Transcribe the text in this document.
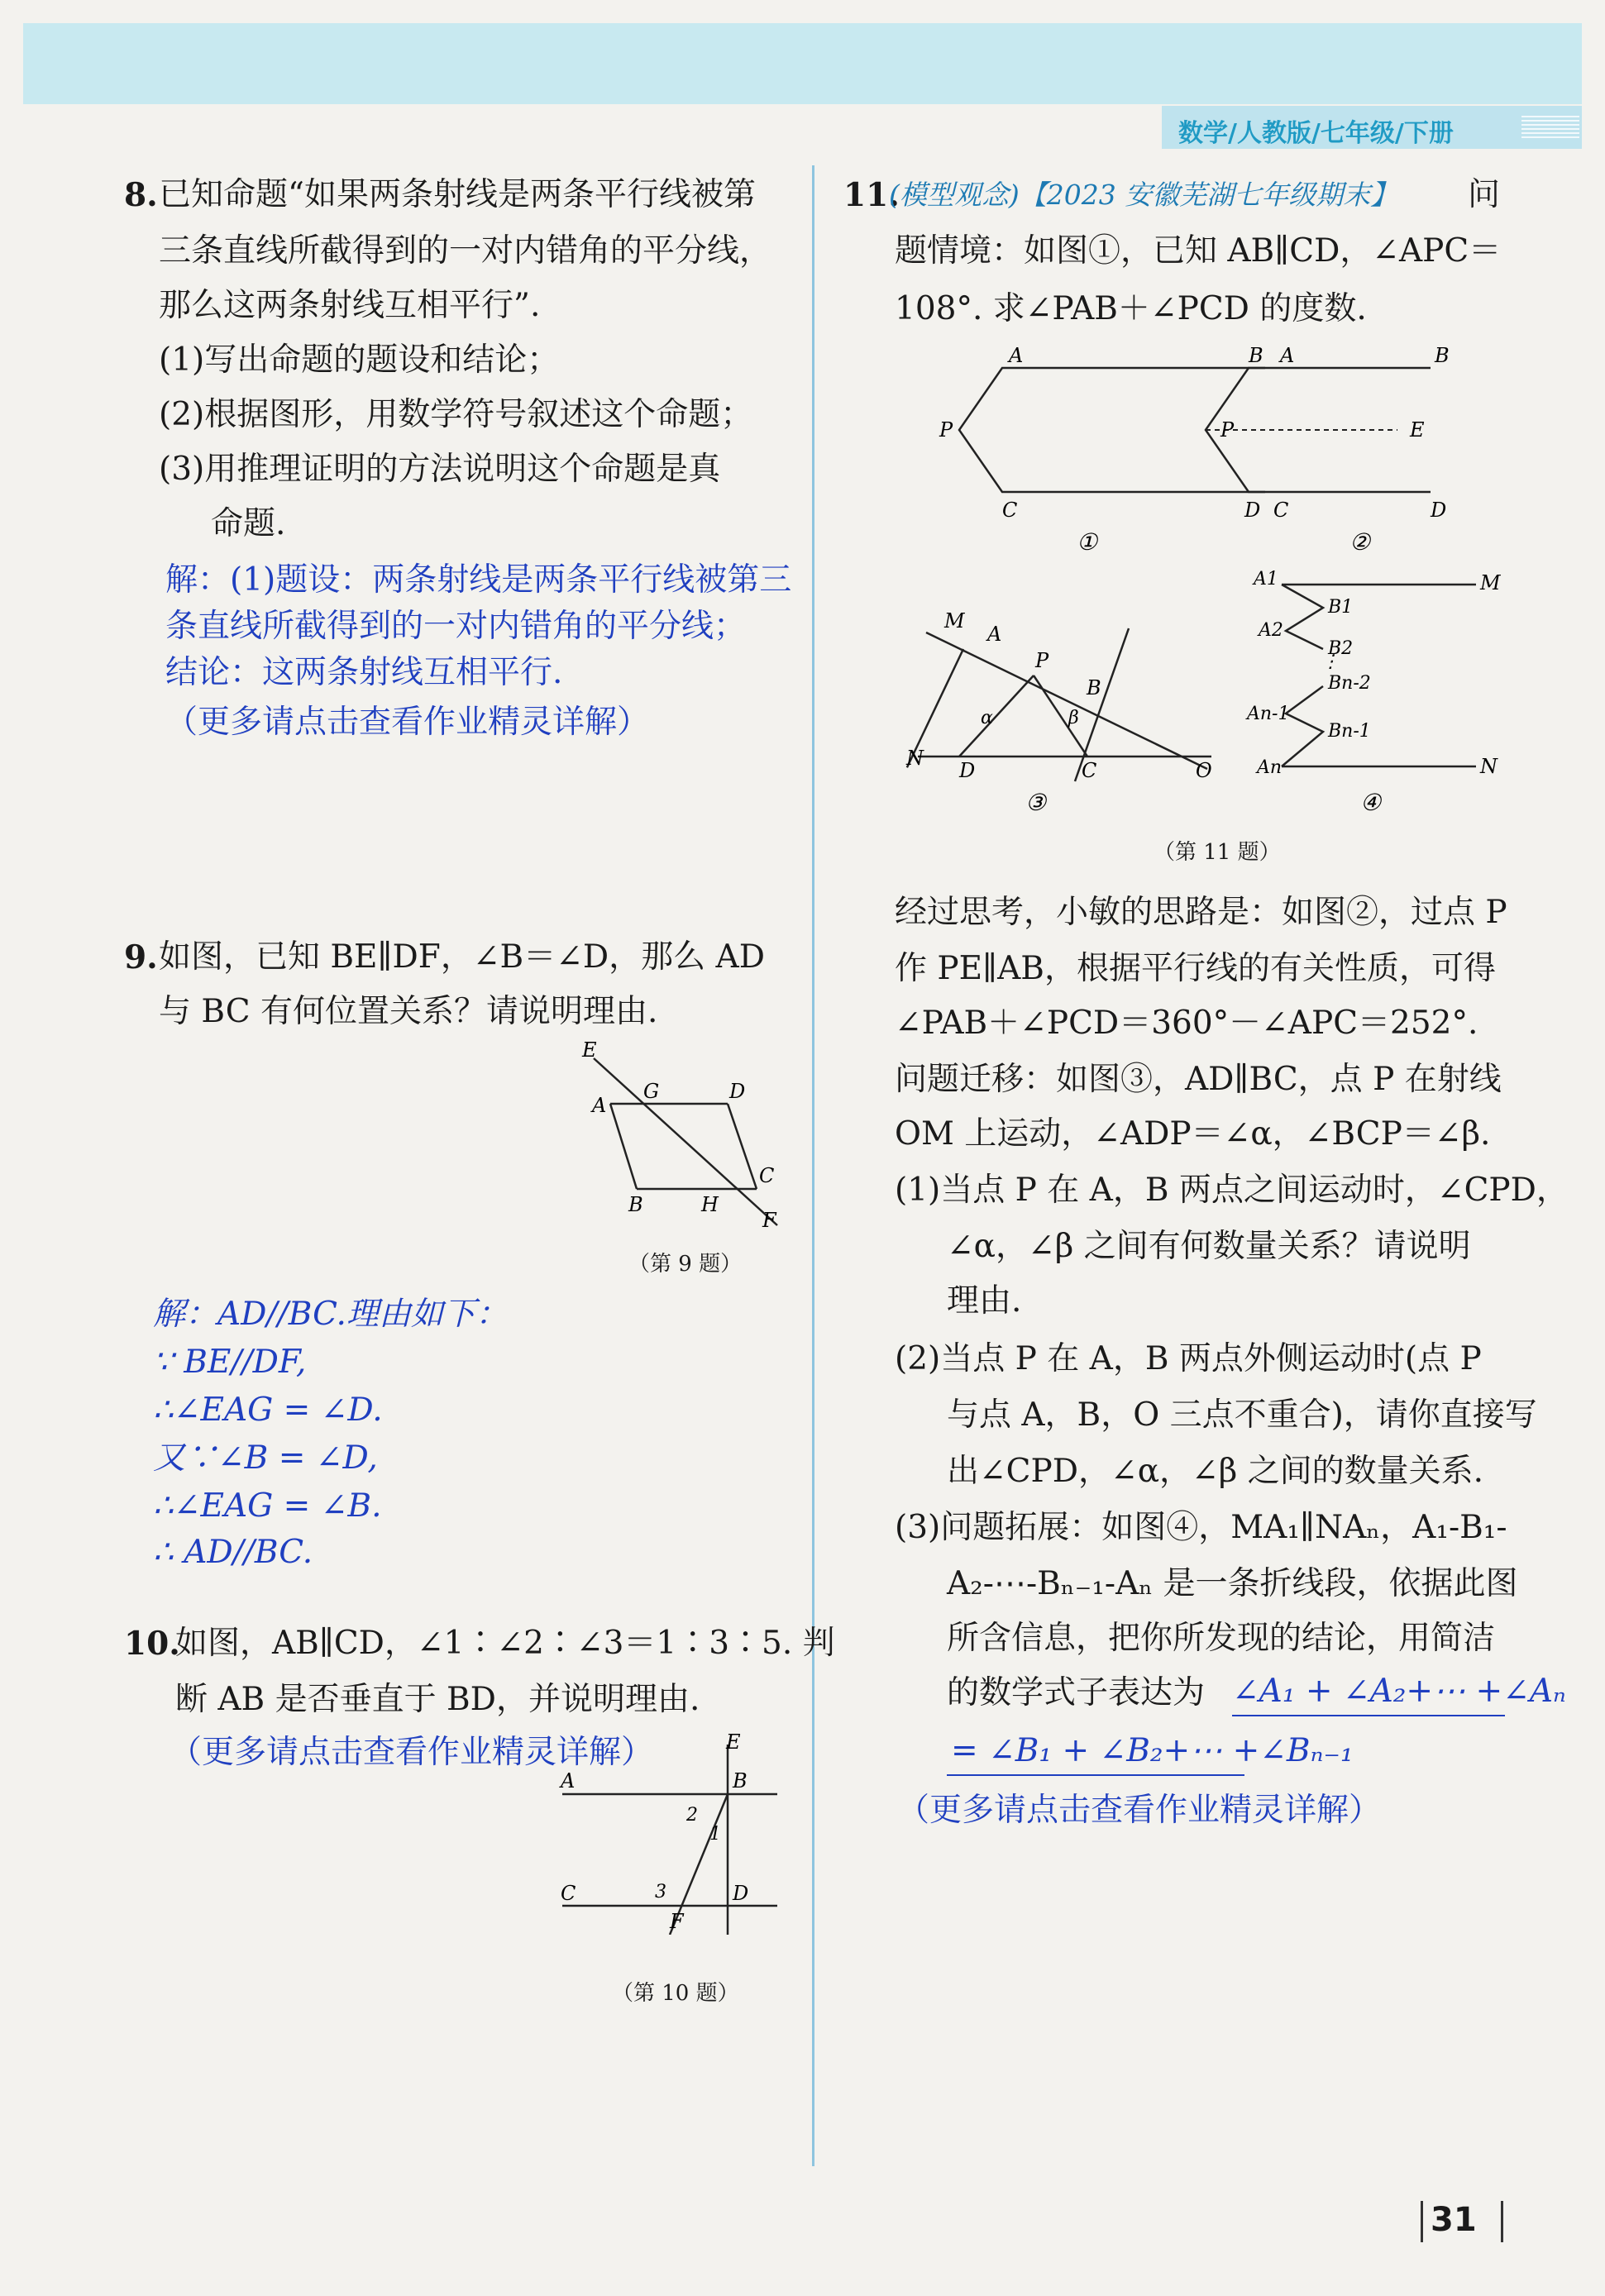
数学/人教版/七年级/下册
8. 已知命题“如果两条射线是两条平行线被第
三条直线所截得到的一对内错角的平分线，
那么这两条射线互相平行”.
(1)写出命题的题设和结论；
(2)根据图形，用数学符号叙述这个命题；
(3)用推理证明的方法说明这个命题是真
命题.
解：(1)题设：两条射线是两条平行线被第三
条直线所截得到的一对内错角的平分线；
结论：这两条射线互相平行.
（更多请点击查看作业精灵详解）
9. 如图，已知 BE∥DF，∠B＝∠D，那么 AD
与 BC 有何位置关系？请说明理由.
E
A
G	D
B	H
C
F
（第 9 题）
解：AD//BC.理由如下：
∵ BE//DF,
∴∠EAG = ∠D.
又∵∠B = ∠D,
∴∠EAG = ∠B.
∴ AD//BC.
10.
如图，AB∥CD，∠1∶∠2∶∠3＝1∶3∶5. 判
断 AB 是否垂直于 BD，并说明理由.
（更多请点击查看作业精灵详解）	E
A	B
2
1
3
C
F
D
（第 10 题）
11.
(模型观念)【2023 安徽芜湖七年级期末】 问
题情境：如图①，已知 AB∥CD，∠APC＝
108°. 求∠PAB＋∠PCD 的度数.
A	B
P
C	D
①
A	B
P	E
C	D
②
M
A
P
B
α	β
N
D	C	O
③
A1
B1
A2
B2
⋮
Bn-2
An-1
Bn-1
An
M
N
④
（第 11 题）
经过思考，小敏的思路是：如图②，过点 P
作 PE∥AB，根据平行线的有关性质，可得
∠PAB＋∠PCD＝360°－∠APC＝252°.
问题迁移：如图③，AD∥BC，点 P 在射线
OM 上运动，∠ADP＝∠α，∠BCP＝∠β.
(1)当点 P 在 A，B 两点之间运动时，∠CPD，
∠α，∠β 之间有何数量关系？请说明
理由.
(2)当点 P 在 A，B 两点外侧运动时(点 P
与点 A，B，O 三点不重合)，请你直接写
出∠CPD，∠α，∠β 之间的数量关系.
(3)问题拓展：如图④，MA₁∥NAₙ，A₁-B₁-
A₂-⋯-Bₙ₋₁-Aₙ 是一条折线段，依据此图
所含信息，把你所发现的结论，用简洁
的数学式子表达为 ∠A₁ + ∠A₂+⋯ +∠Aₙ
= ∠B₁ + ∠B₂+⋯ +∠Bₙ₋₁
（更多请点击查看作业精灵详解）
31
